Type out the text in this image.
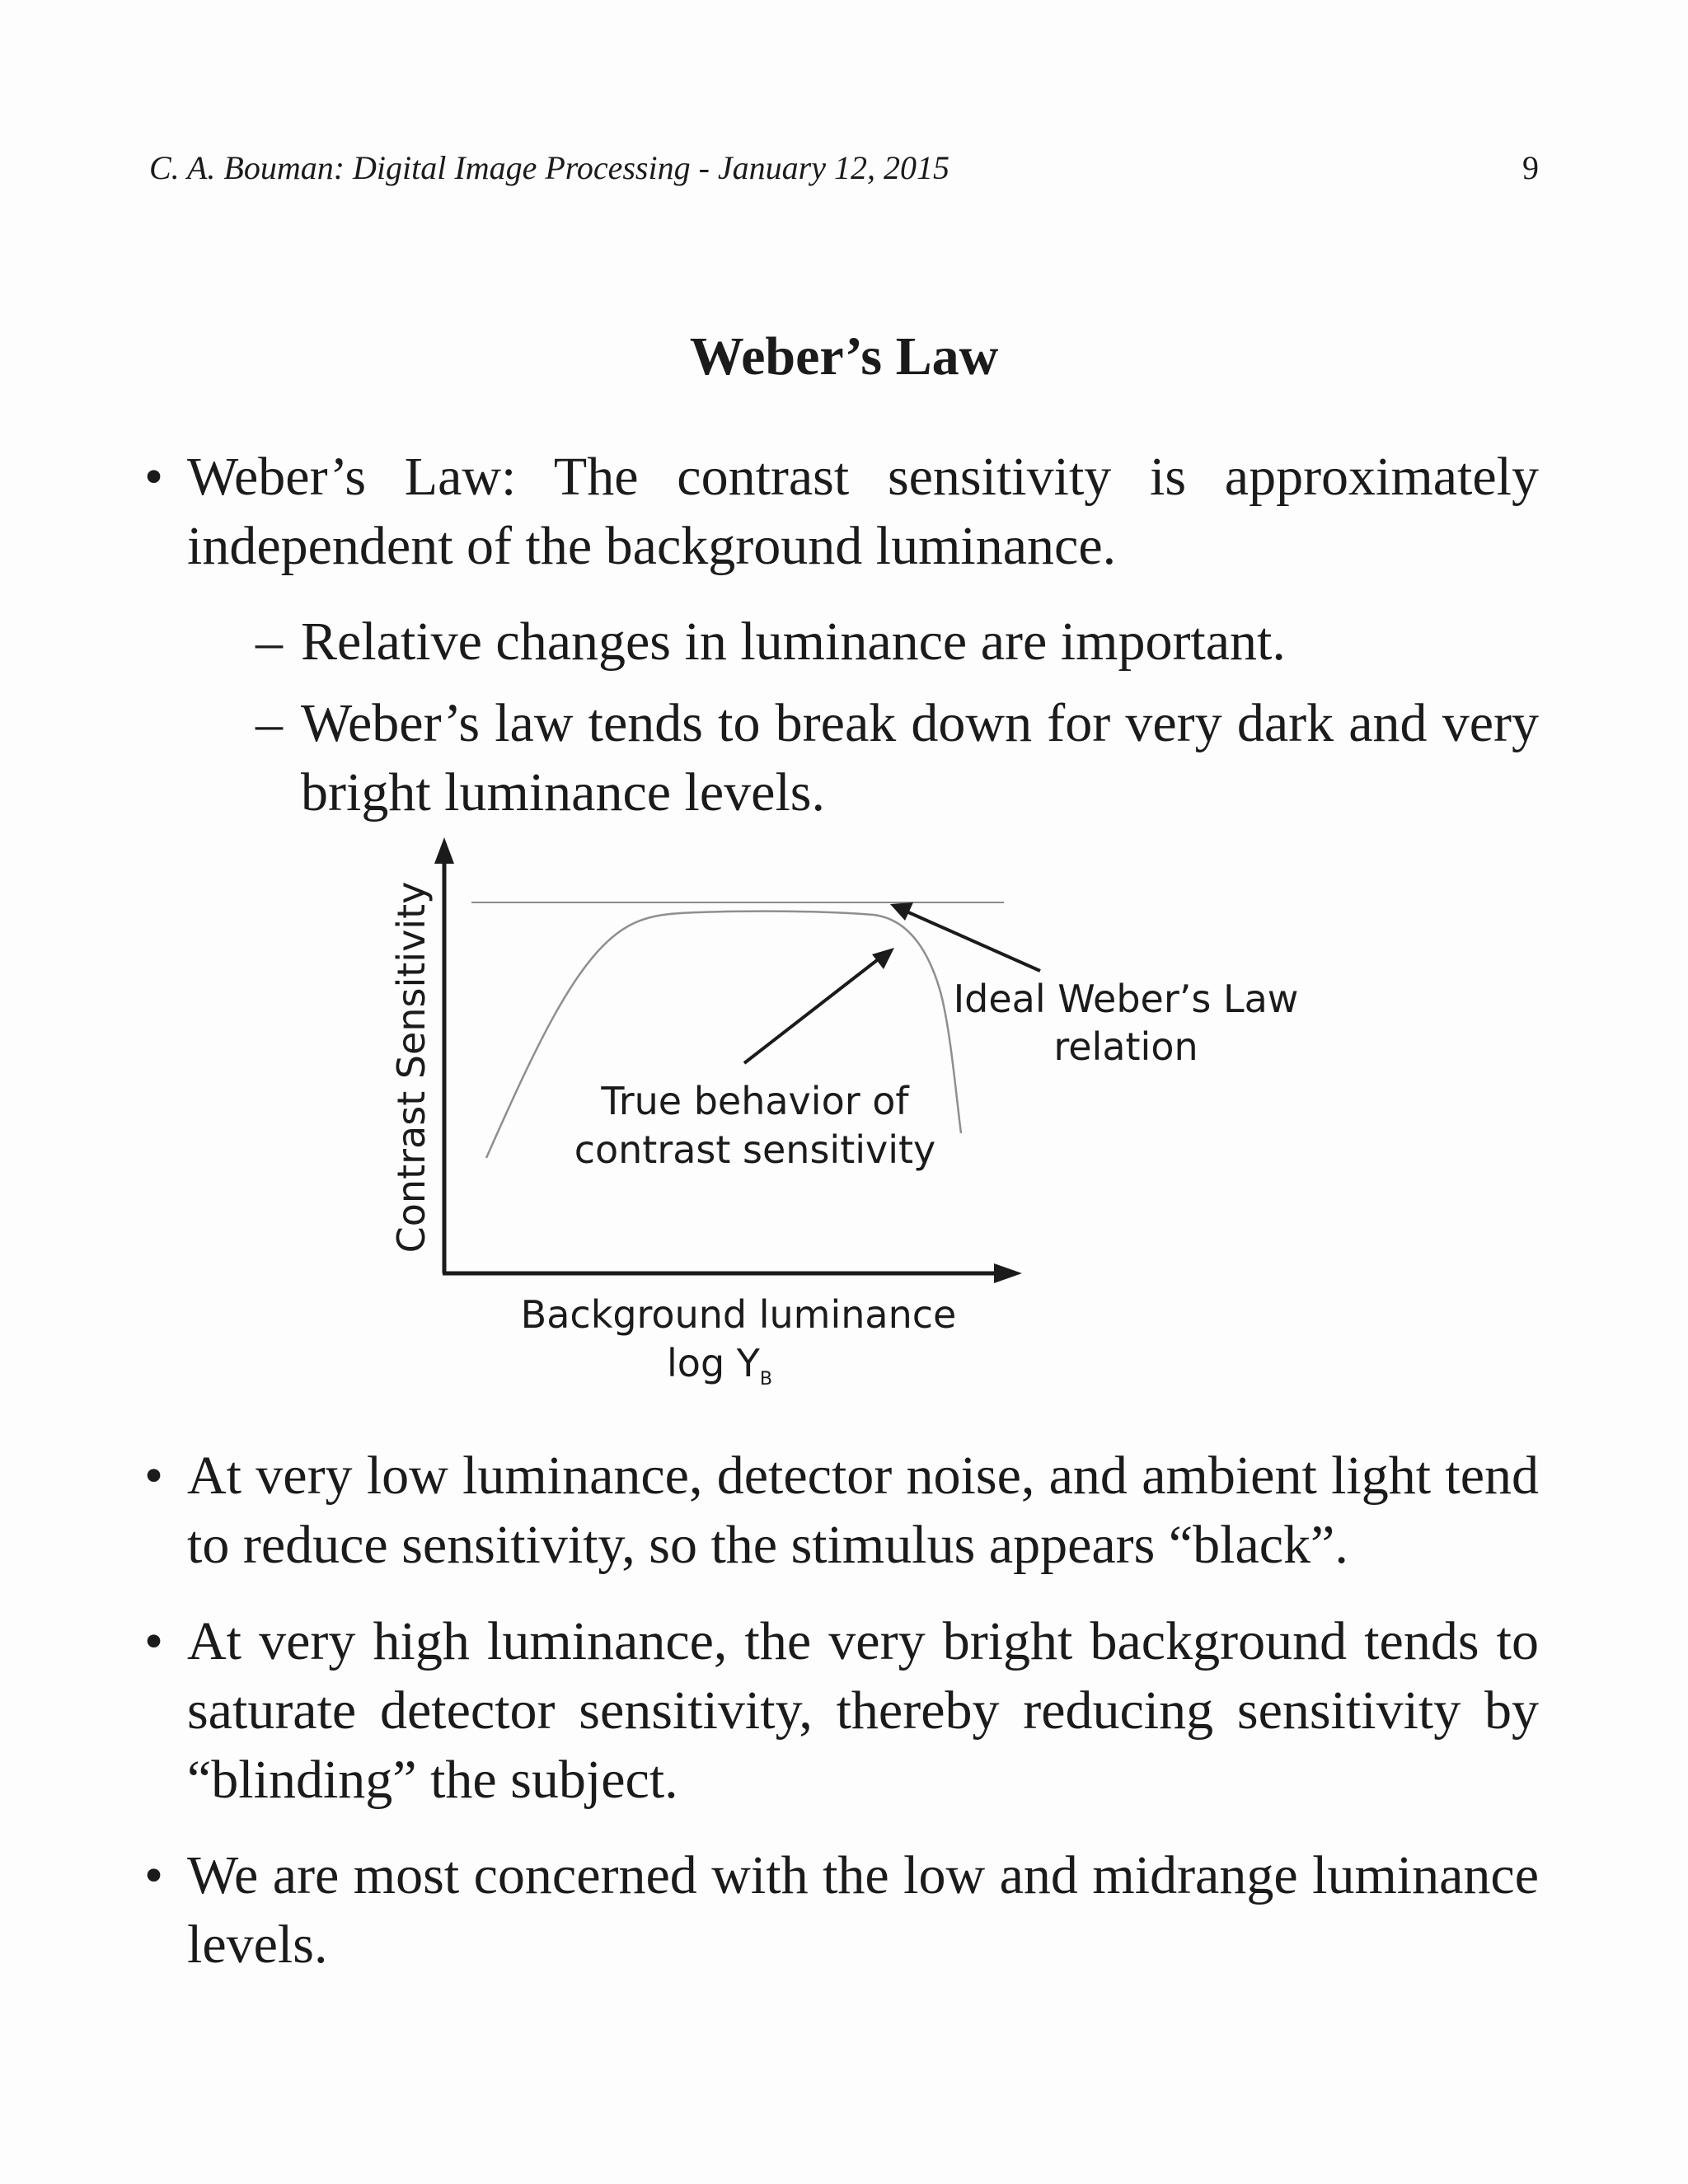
C. A. Bouman: Digital Image Processing - January 12, 2015	9
Weber’s Law
• Weber’s Law: The contrast sensitivity is approximately independent of the background luminance.
– Relative changes in luminance are important.
– Weber’s law tends to break down for very dark and very bright luminance levels.
Contrast Sensitivity
Background luminance
$\log Y_B$
Ideal Weber’s Law
relation
True behavior of
contrast sensitivity
• At very low luminance, detector noise, and ambient light tend to reduce sensitivity, so the stimulus appears “black”.
• At very high luminance, the very bright background tends to saturate detector sensitivity, thereby reducing sensitivity by “blinding” the subject.
• We are most concerned with the low and midrange luminance levels.
